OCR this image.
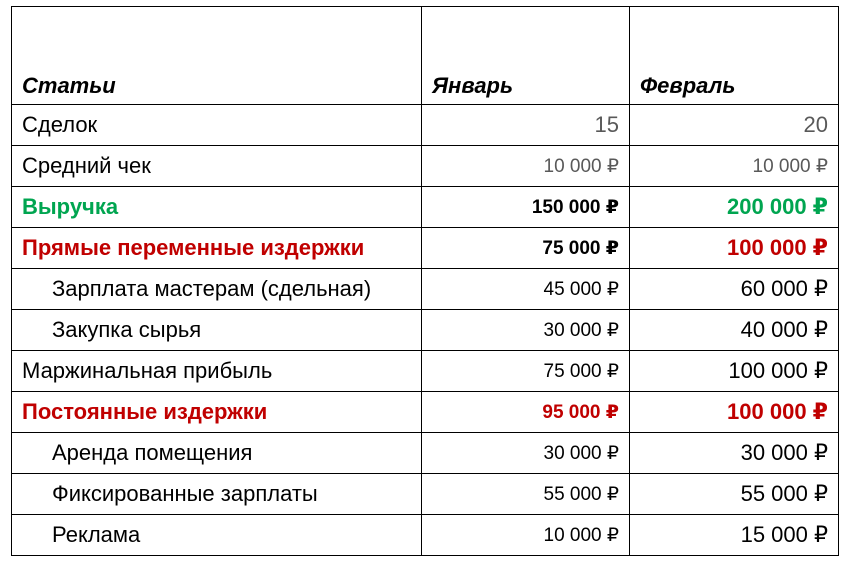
Статьи	Январь	Февраль
Сделок	15	20
Средний чек	10 000 ₽	10 000 ₽
Выручка	150 000 ₽	200 000 ₽
Прямые переменные издержки	75 000 ₽	100 000 ₽
Зарплата мастерам (сдельная)	45 000 ₽	60 000 ₽
Закупка сырья	30 000 ₽	40 000 ₽
Маржинальная прибыль	75 000 ₽	100 000 ₽
Постоянные издержки	95 000 ₽	100 000 ₽
Аренда помещения	30 000 ₽	30 000 ₽
Фиксированные зарплаты	55 000 ₽	55 000 ₽
Реклама	10 000 ₽	15 000 ₽
